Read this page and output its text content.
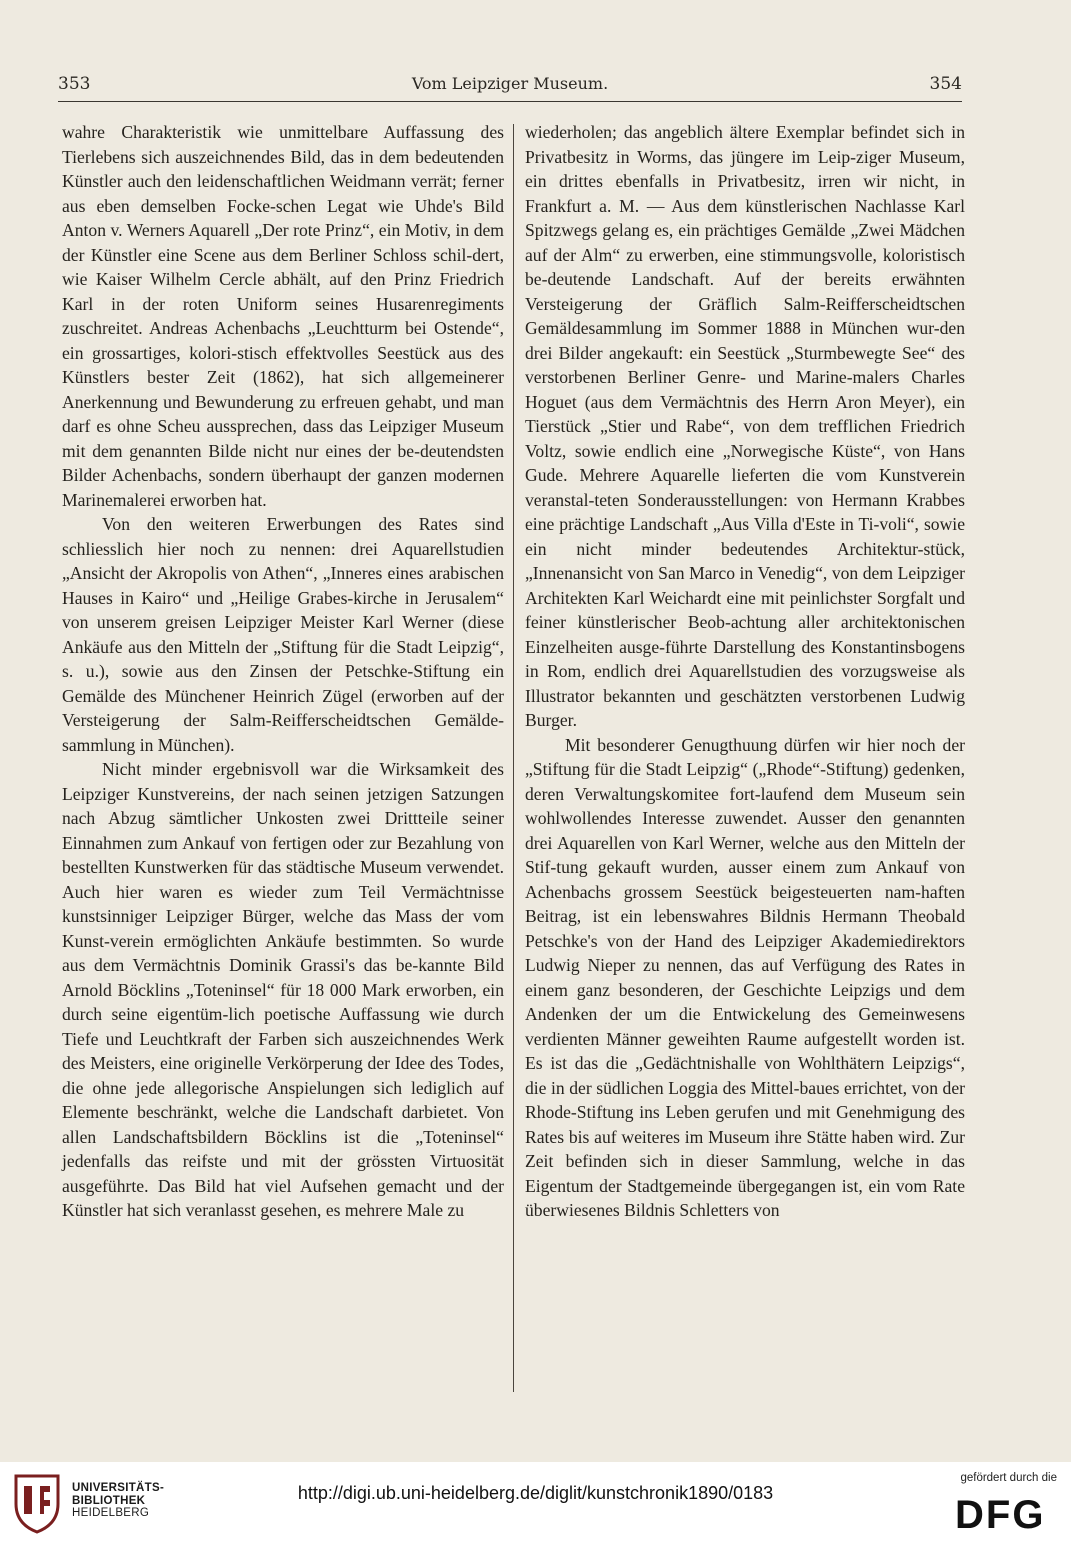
353	Vom Leipziger Museum.	354

wahre Charakteristik wie unmittelbare Auffassung des Tierlebens sich auszeichnendes Bild, das in dem bedeutenden Künstler auch den leidenschaftlichen Weidmann verrät; ferner aus eben demselben Focke-schen Legat wie Uhde's Bild Anton v. Werners Aquarell „Der rote Prinz“, ein Motiv, in dem der Künstler eine Scene aus dem Berliner Schloss schil-dert, wie Kaiser Wilhelm Cercle abhält, auf den Prinz Friedrich Karl in der roten Uniform seines Husarenregiments zuschreitet. Andreas Achenbachs „Leuchtturm bei Ostende“, ein grossartiges, kolori-stisch effektvolles Seestück aus des Künstlers bester Zeit (1862), hat sich allgemeinerer Anerkennung und Bewunderung zu erfreuen gehabt, und man darf es ohne Scheu aussprechen, dass das Leipziger Museum mit dem genannten Bilde nicht nur eines der be-deutendsten Bilder Achenbachs, sondern überhaupt der ganzen modernen Marinemalerei erworben hat.

Von den weiteren Erwerbungen des Rates sind schliesslich hier noch zu nennen: drei Aquarellstudien „Ansicht der Akropolis von Athen“, „Inneres eines arabischen Hauses in Kairo“ und „Heilige Grabes-kirche in Jerusalem“ von unserem greisen Leipziger Meister Karl Werner (diese Ankäufe aus den Mitteln der „Stiftung für die Stadt Leipzig“, s. u.), sowie aus den Zinsen der Petschke-Stiftung ein Gemälde des Münchener Heinrich Zügel (erworben auf der Versteigerung der Salm-Reifferscheidtschen Gemälde-sammlung in München).

Nicht minder ergebnisvoll war die Wirksamkeit des Leipziger Kunstvereins, der nach seinen jetzigen Satzungen nach Abzug sämtlicher Unkosten zwei Drittteile seiner Einnahmen zum Ankauf von fertigen oder zur Bezahlung von bestellten Kunstwerken für das städtische Museum verwendet. Auch hier waren es wieder zum Teil Vermächtnisse kunstsinniger Leipziger Bürger, welche das Mass der vom Kunst-verein ermöglichten Ankäufe bestimmten. So wurde aus dem Vermächtnis Dominik Grassi's das be-kannte Bild Arnold Böcklins „Toteninsel“ für 18 000 Mark erworben, ein durch seine eigentüm-lich poetische Auffassung wie durch Tiefe und Leuchtkraft der Farben sich auszeichnendes Werk des Meisters, eine originelle Verkörperung der Idee des Todes, die ohne jede allegorische Anspielungen sich lediglich auf Elemente beschränkt, welche die Landschaft darbietet. Von allen Landschaftsbildern Böcklins ist die „Toteninsel“ jedenfalls das reifste und mit der grössten Virtuosität ausgeführte. Das Bild hat viel Aufsehen gemacht und der Künstler hat sich veranlasst gesehen, es mehrere Male zu

wiederholen; das angeblich ältere Exemplar befindet sich in Privatbesitz in Worms, das jüngere im Leip-ziger Museum, ein drittes ebenfalls in Privatbesitz, irren wir nicht, in Frankfurt a. M. — Aus dem künstlerischen Nachlasse Karl Spitzwegs gelang es, ein prächtiges Gemälde „Zwei Mädchen auf der Alm“ zu erwerben, eine stimmungsvolle, koloristisch be-deutende Landschaft. Auf der bereits erwähnten Versteigerung der Gräflich Salm-Reifferscheidtschen Gemäldesammlung im Sommer 1888 in München wur-den drei Bilder angekauft: ein Seestück „Sturmbewegte See“ des verstorbenen Berliner Genre- und Marine-malers Charles Hoguet (aus dem Vermächtnis des Herrn Aron Meyer), ein Tierstück „Stier und Rabe“, von dem trefflichen Friedrich Voltz, sowie endlich eine „Norwegische Küste“, von Hans Gude. Mehrere Aquarelle lieferten die vom Kunstverein veranstal-teten Sonderausstellungen: von Hermann Krabbes eine prächtige Landschaft „Aus Villa d'Este in Ti-voli“, sowie ein nicht minder bedeutendes Architektur-stück, „Innenansicht von San Marco in Venedig“, von dem Leipziger Architekten Karl Weichardt eine mit peinlichster Sorgfalt und feiner künstlerischer Beob-achtung aller architektonischen Einzelheiten ausge-führte Darstellung des Konstantinsbogens in Rom, endlich drei Aquarellstudien des vorzugsweise als Illustrator bekannten und geschätzten verstorbenen Ludwig Burger.

Mit besonderer Genugthuung dürfen wir hier noch der „Stiftung für die Stadt Leipzig“ („Rhode“-Stiftung) gedenken, deren Verwaltungskomitee fort-laufend dem Museum sein wohlwollendes Interesse zuwendet. Ausser den genannten drei Aquarellen von Karl Werner, welche aus den Mitteln der Stif-tung gekauft wurden, ausser einem zum Ankauf von Achenbachs grossem Seestück beigesteuerten nam-haften Beitrag, ist ein lebenswahres Bildnis Hermann Theobald Petschke's von der Hand des Leipziger Akademiedirektors Ludwig Nieper zu nennen, das auf Verfügung des Rates in einem ganz besonderen, der Geschichte Leipzigs und dem Andenken der um die Entwickelung des Gemeinwesens verdienten Männer geweihten Raume aufgestellt worden ist. Es ist das die „Gedächtnishalle von Wohlthätern Leipzigs“, die in der südlichen Loggia des Mittel-baues errichtet, von der Rhode-Stiftung ins Leben gerufen und mit Genehmigung des Rates bis auf weiteres im Museum ihre Stätte haben wird. Zur Zeit befinden sich in dieser Sammlung, welche in das Eigentum der Stadtgemeinde übergegangen ist, ein vom Rate überwiesenes Bildnis Schletters von

UNIVERSITÄTS-
BIBLIOTHEK
HEIDELBERG
http://digi.ub.uni-heidelberg.de/diglit/kunstchronik1890/0183
gefördert durch die
DFG
